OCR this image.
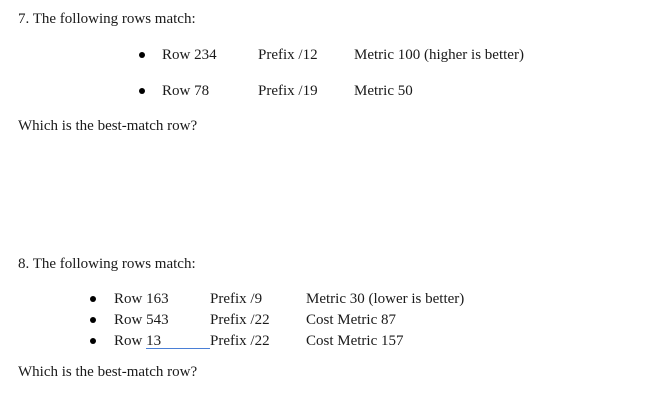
7. The following rows match:
Row 234	Prefix /12 Metric 100 (higher is better)
Row 78	Prefix /19 Metric 50
Which is the best-match row?
8. The following rows match:
Row 163	Prefix /9	Metric 30 (lower is better)
Row 543	Prefix /22 Cost Metric 87
Row 13	Prefix /22 Cost Metric 157
Which is the best-match row?
